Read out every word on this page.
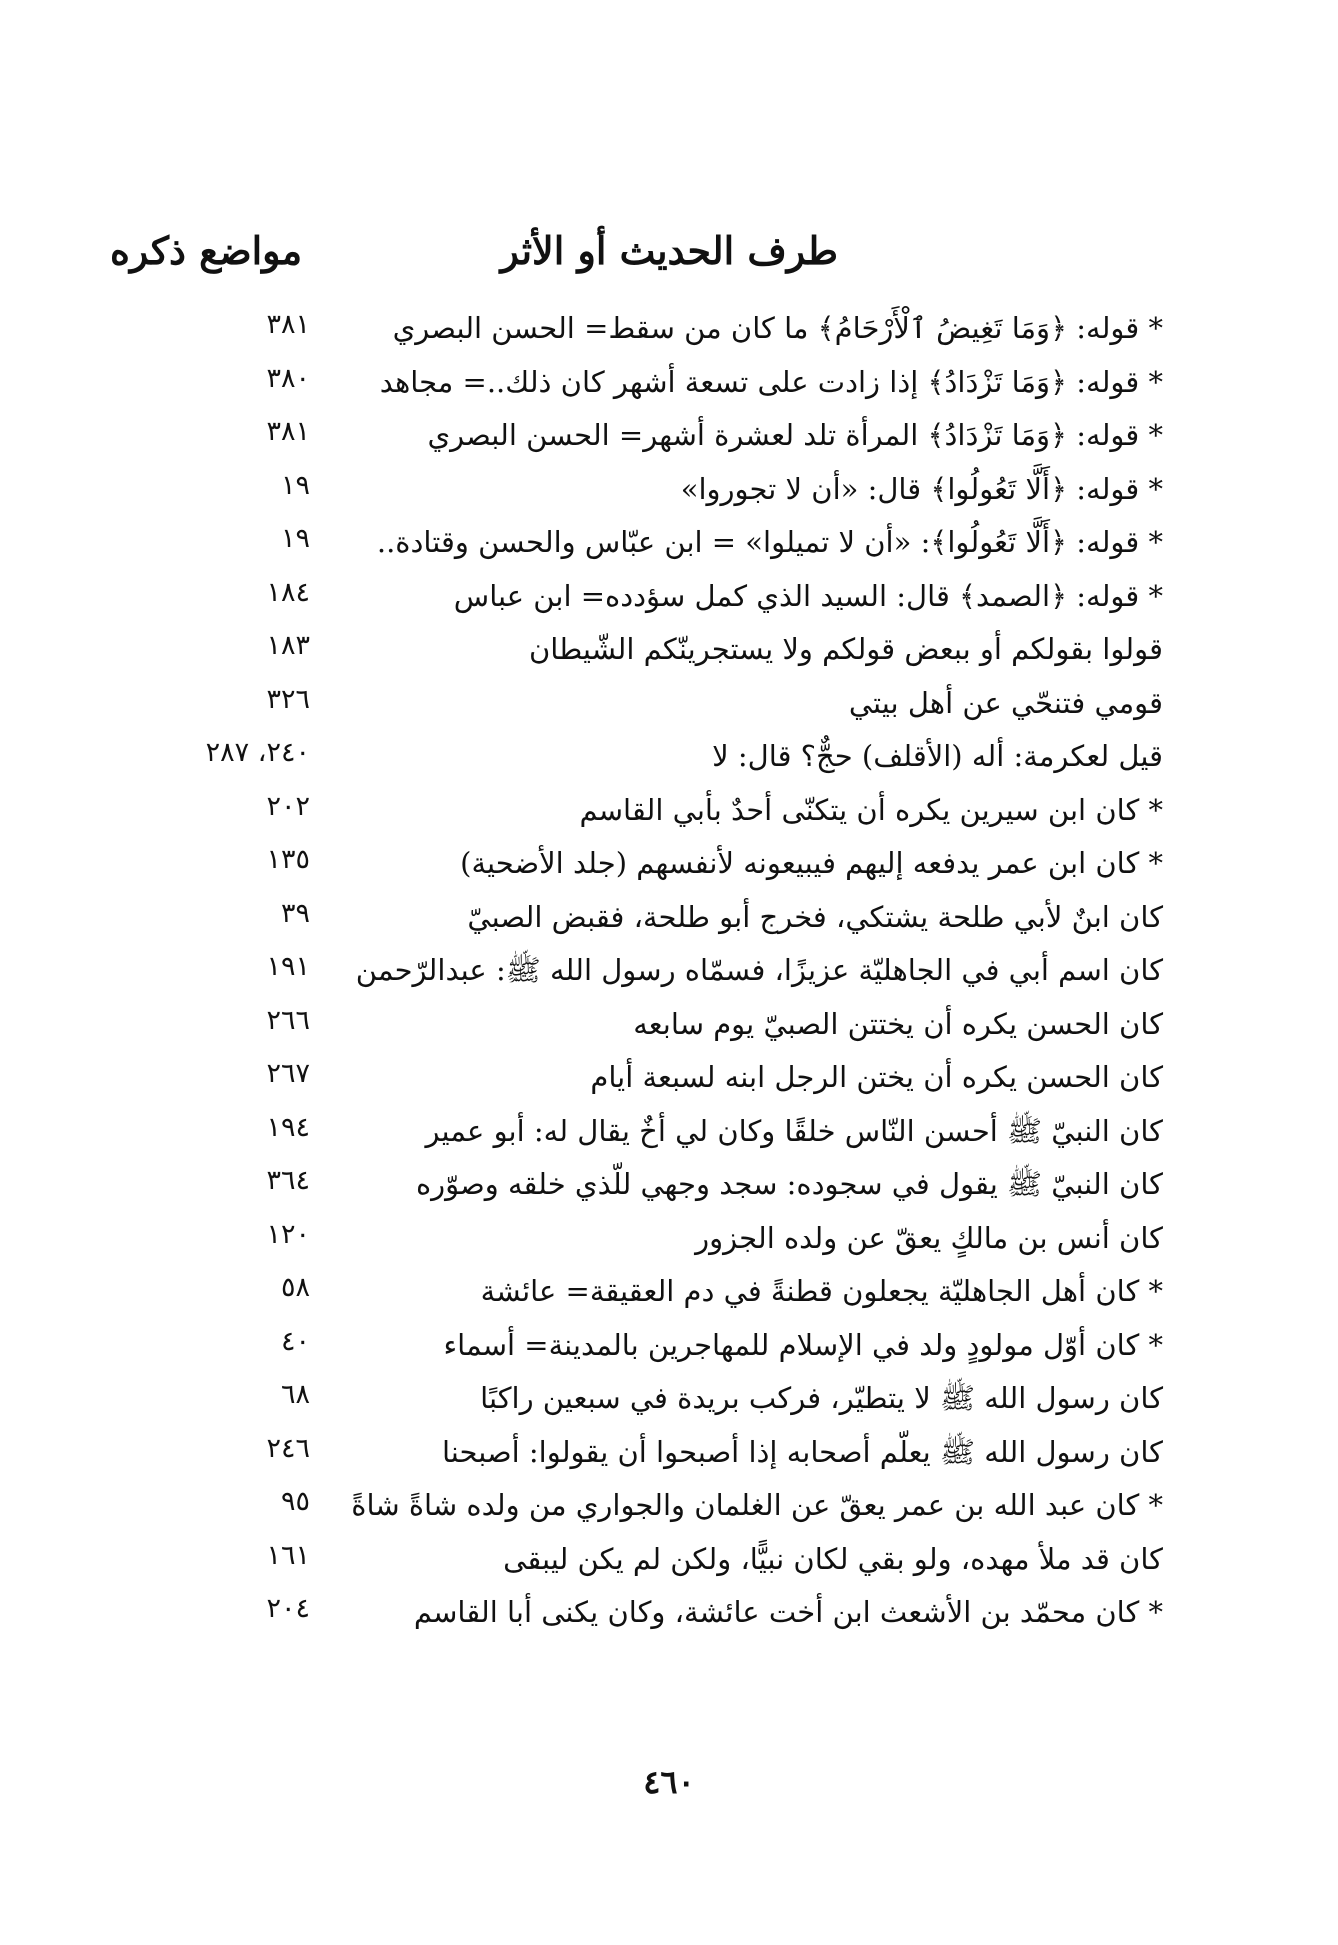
طرف الحديث أو الأثر
مواضع ذكره
* قوله: ﴿وَمَا تَغِيضُ ٱلْأَرْحَامُ﴾ ما كان من سقط= الحسن البصري
٣٨١
* قوله: ﴿وَمَا تَزْدَادُ﴾ إذا زادت على تسعة أشهر كان ذلك..= مجاهد
٣٨٠
* قوله: ﴿وَمَا تَزْدَادُ﴾ المرأة تلد لعشرة أشهر= الحسن البصري
٣٨١
* قوله: ﴿أَلَّا تَعُولُوا﴾ قال: «أن لا تجوروا»
١٩
* قوله: ﴿أَلَّا تَعُولُوا﴾: «أن لا تميلوا» = ابن عبّاس والحسن وقتادة..
١٩
* قوله: ﴿الصمد﴾ قال: السيد الذي كمل سؤدده= ابن عباس
١٨٤
قولوا بقولكم أو ببعض قولكم ولا يستجرينّكم الشّيطان
١٨٣
قومي فتنحّي عن أهل بيتي
٣٢٦
قيل لعكرمة: أله (الأقلف) حجٌّ؟ قال: لا
٢٤٠، ٢٨٧
* كان ابن سيرين يكره أن يتكنّى أحدٌ بأبي القاسم
٢٠٢
* كان ابن عمر يدفعه إليهم فيبيعونه لأنفسهم (جلد الأضحية)
١٣٥
كان ابنٌ لأبي طلحة يشتكي، فخرج أبو طلحة، فقبض الصبيّ
٣٩
كان اسم أبي في الجاهليّة عزيزًا، فسمّاه رسول الله ﷺ: عبدالرّحمن
١٩١
كان الحسن يكره أن يختتن الصبيّ يوم سابعه
٢٦٦
كان الحسن يكره أن يختن الرجل ابنه لسبعة أيام
٢٦٧
كان النبيّ ﷺ أحسن النّاس خلقًا وكان لي أخٌ يقال له: أبو عمير
١٩٤
كان النبيّ ﷺ يقول في سجوده: سجد وجهي للّذي خلقه وصوّره
٣٦٤
كان أنس بن مالكٍ يعقّ عن ولده الجزور
١٢٠
* كان أهل الجاهليّة يجعلون قطنةً في دم العقيقة= عائشة
٥٨
* كان أوّل مولودٍ ولد في الإسلام للمهاجرين بالمدينة= أسماء
٤٠
كان رسول الله ﷺ لا يتطيّر، فركب بريدة في سبعين راكبًا
٦٨
كان رسول الله ﷺ يعلّم أصحابه إذا أصبحوا أن يقولوا: أصبحنا
٢٤٦
* كان عبد الله بن عمر يعقّ عن الغلمان والجواري من ولده شاةً شاةً
٩٥
كان قد ملأ مهده، ولو بقي لكان نبيًّا، ولكن لم يكن ليبقى
١٦١
* كان محمّد بن الأشعث ابن أخت عائشة، وكان يكنى أبا القاسم
٢٠٤
٤٦٠
